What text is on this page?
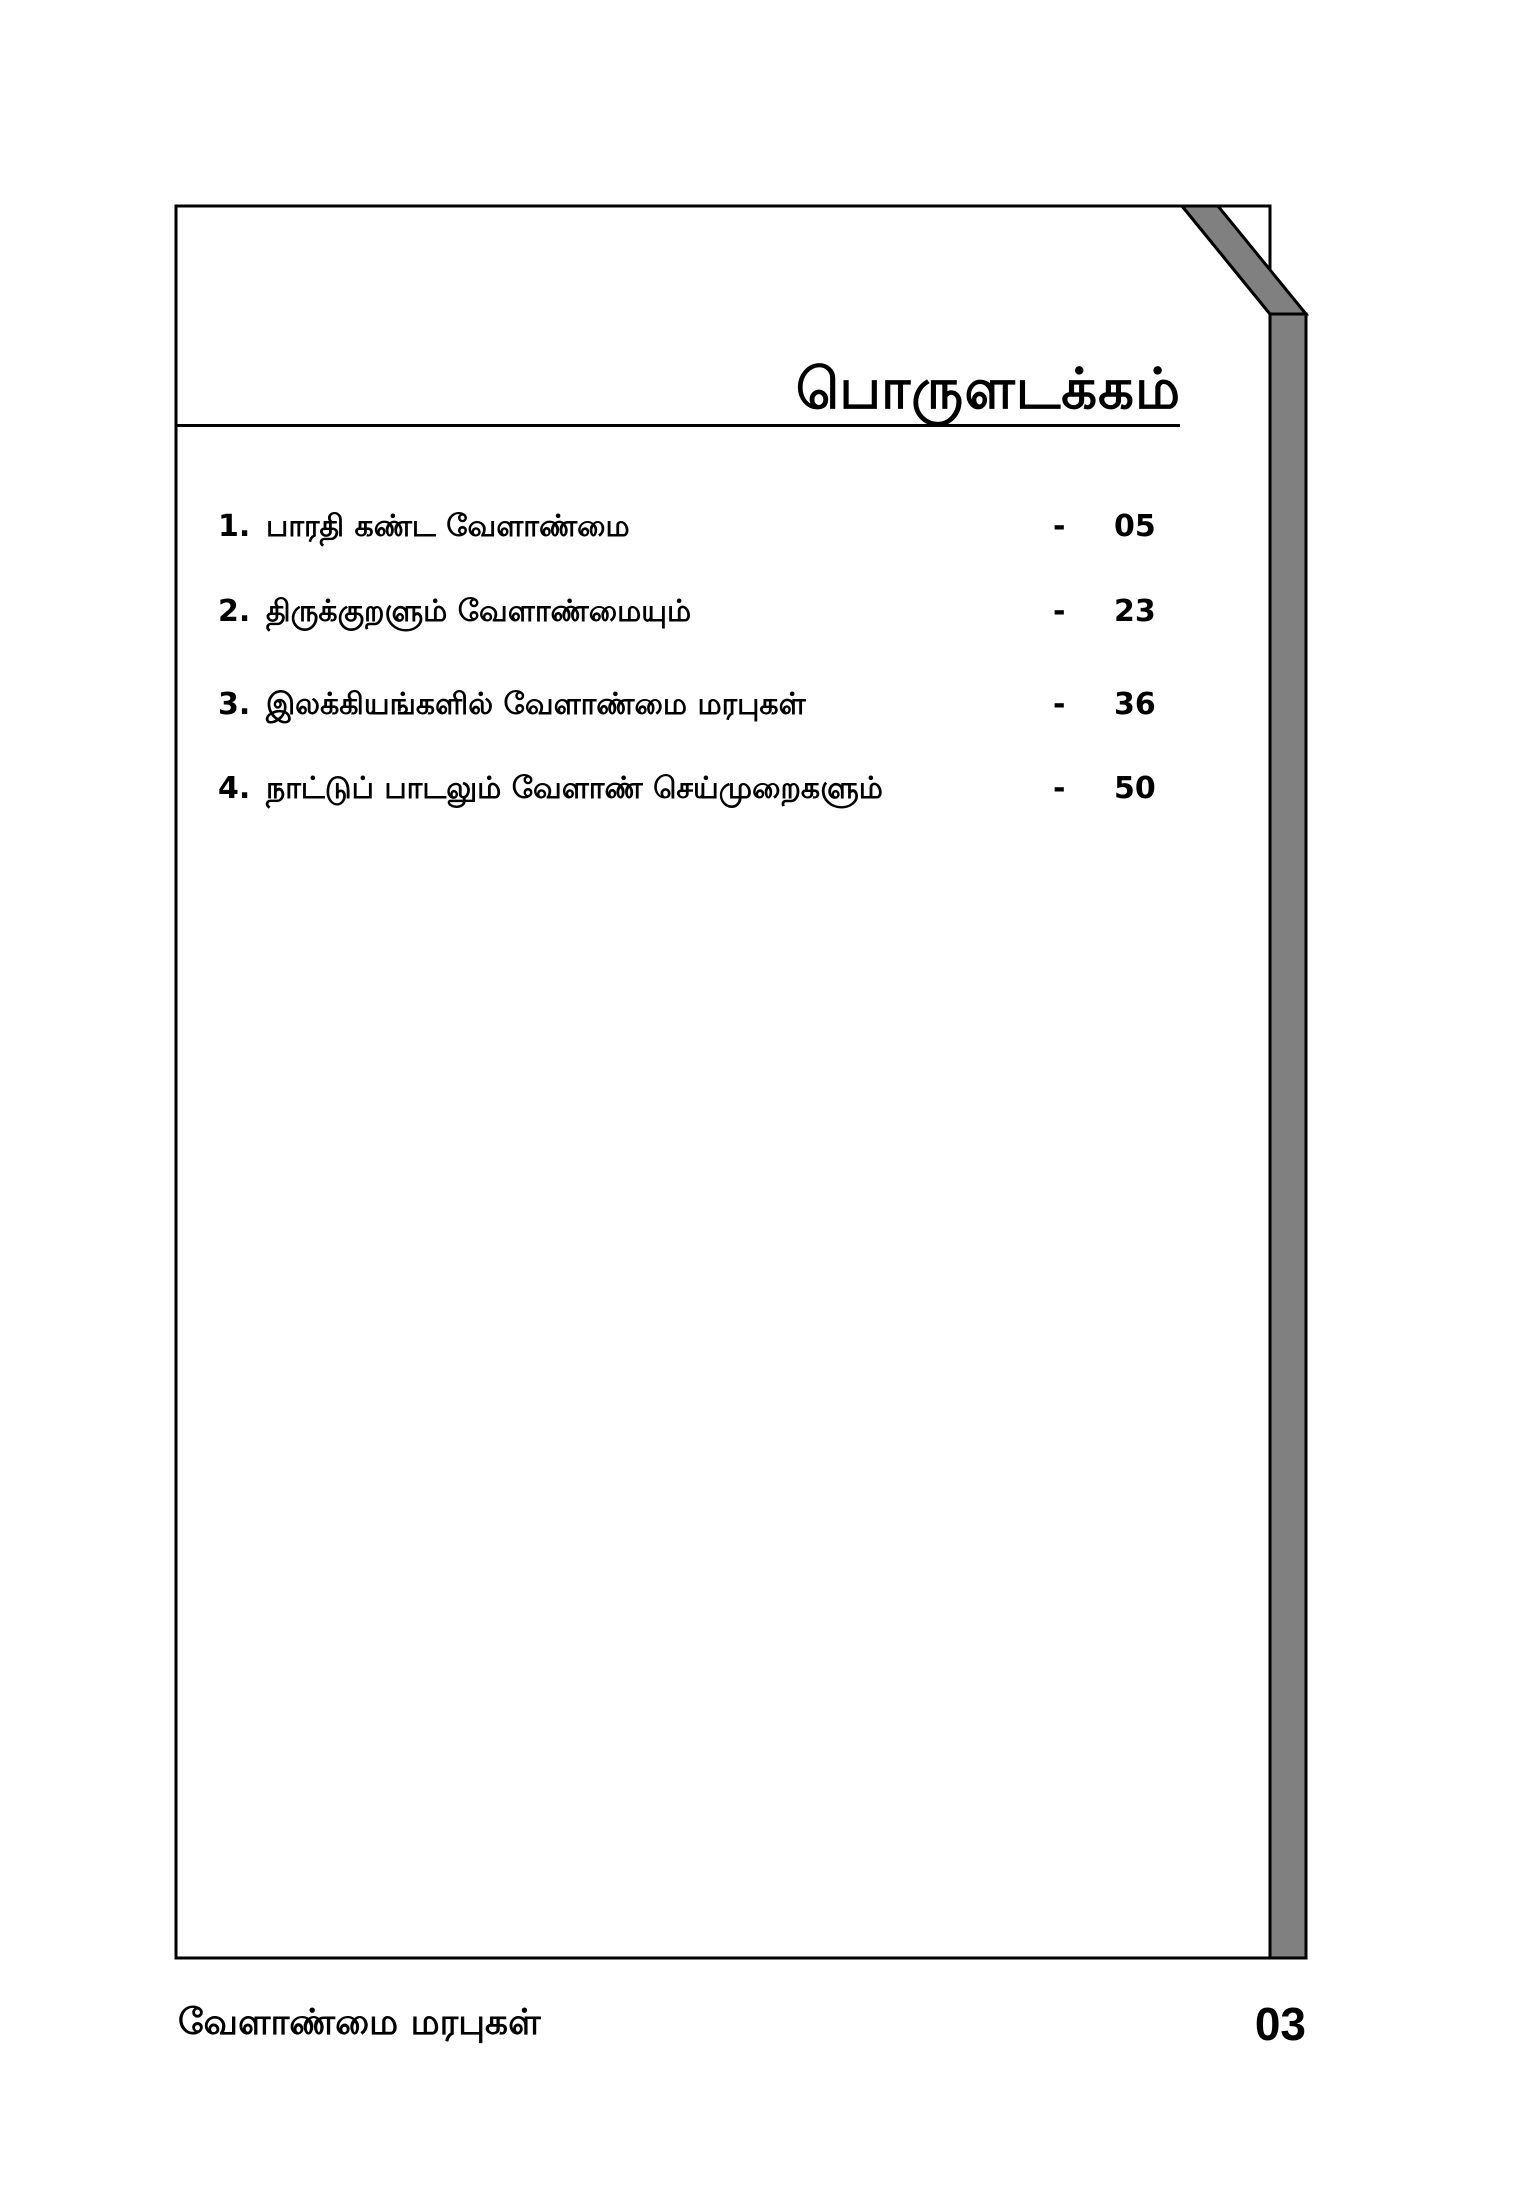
பொருளடக்கம்
1. பாரதி கண்ட வேளாண்மை	- 05
2. திருக்குறளும் வேளாண்மையும்	- 23
3. இலக்கியங்களில் வேளாண்மை மரபுகள்	- 36
4. நாட்டுப் பாடலும் வேளாண் செய்முறைகளும்	- 50
வேளாண்மை மரபுகள்	03
